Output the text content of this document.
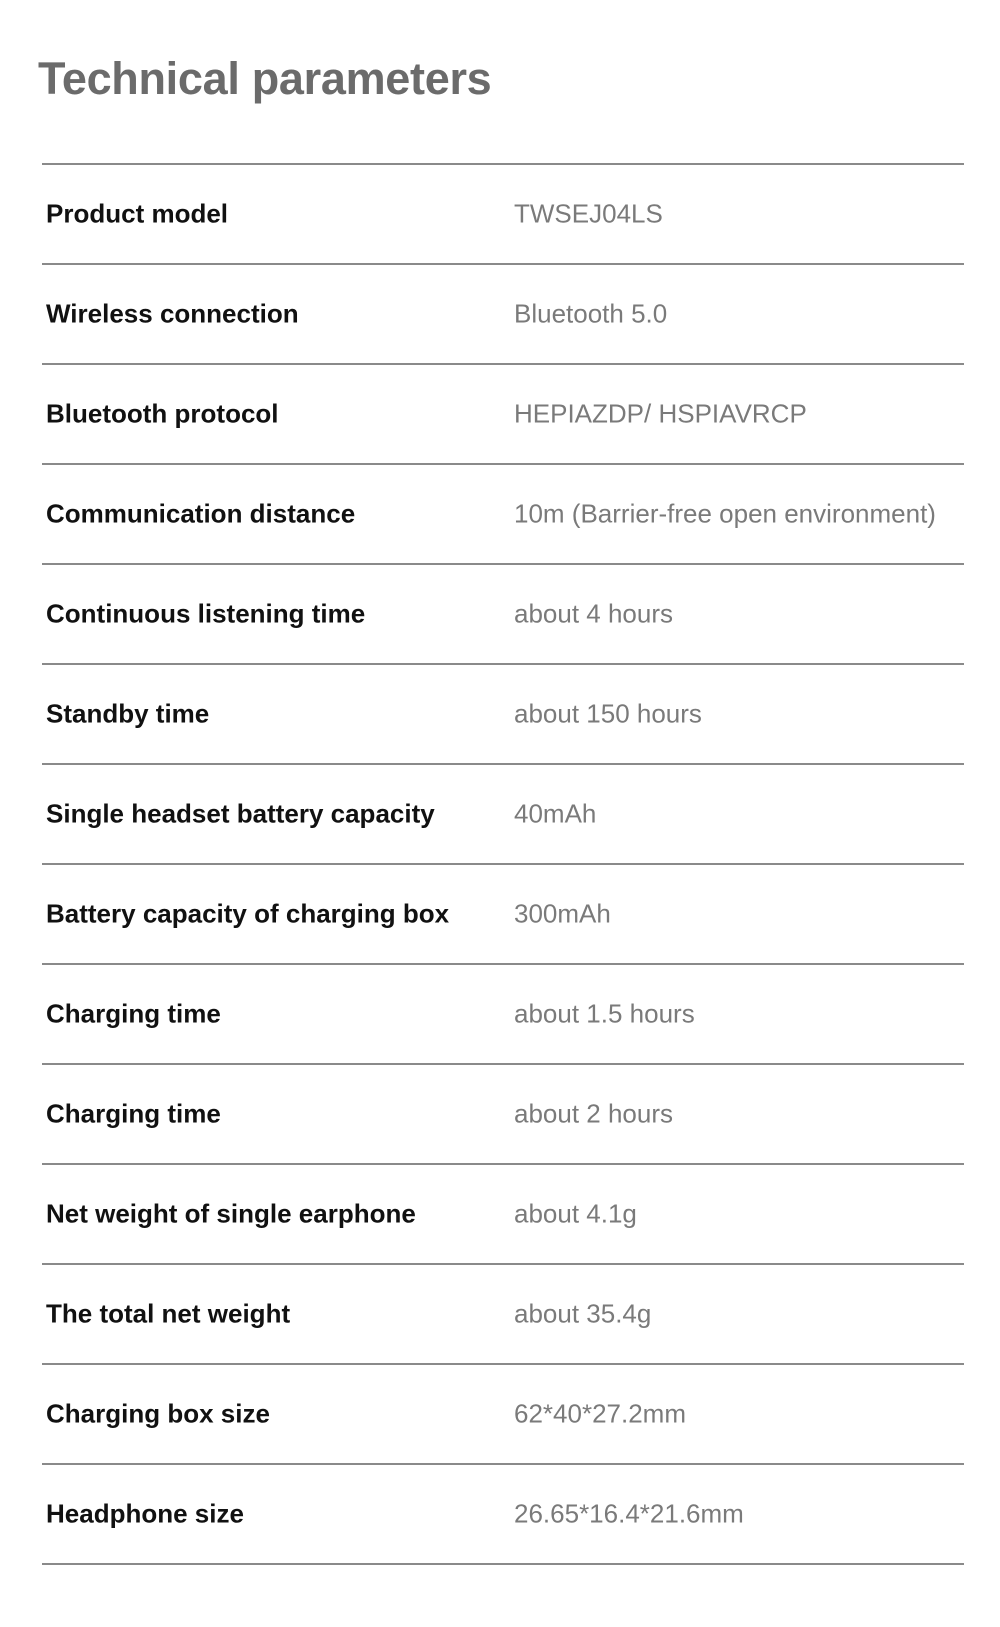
Technical parameters
Product model	TWSEJ04LS
Wireless connection	Bluetooth 5.0
Bluetooth protocol	HEPIAZDP/ HSPIAVRCP
Communication distance	10m (Barrier-free open environment)
Continuous listening time	about 4 hours
Standby time	about 150 hours
Single headset battery capacity	40mAh
Battery capacity of charging box 300mAh
Charging time	about 1.5 hours
Charging time	about 2 hours
Net weight of single earphone	about 4.1g
The total net weight	about 35.4g
Charging box size	62*40*27.2mm
Headphone size	26.65*16.4*21.6mm
